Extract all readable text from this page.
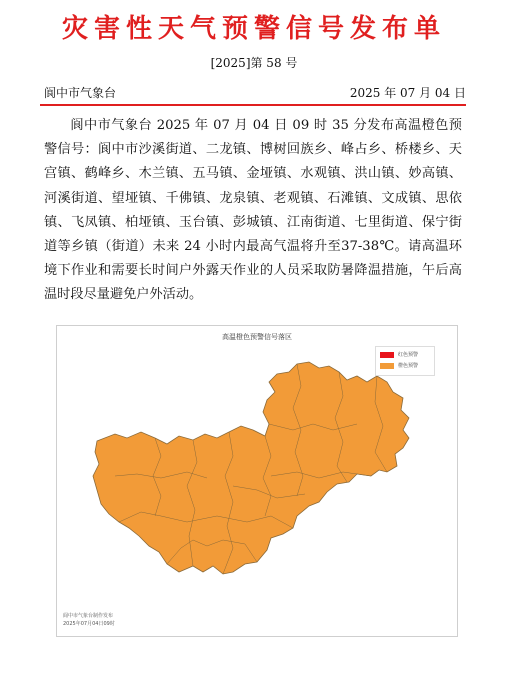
灾害性天气预警信号发布单
[2025]第 58 号
阆中市气象台	2025 年 07 月 04 日
阆中市气象台 2025 年 07 月 04 日 09 时 35 分发布高温橙色预警信号：阆中市沙溪街道、二龙镇、博树回族乡、峰占乡、桥楼乡、天宫镇、鹤峰乡、木兰镇、五马镇、金垭镇、水观镇、洪山镇、妙高镇、河溪街道、望垭镇、千佛镇、龙泉镇、老观镇、石滩镇、文成镇、思依镇、飞凤镇、柏垭镇、玉台镇、彭城镇、江南街道、七里街道、保宁街道等乡镇（街道）未来 24 小时内最高气温将升至37-38℃。请高温环境下作业和需要长时间户外露天作业的人员采取防暑降温措施，午后高温时段尽量避免户外活动。
高温橙色预警信号落区
红色预警
橙色预警
阆中市气象台制作发布
2025年07月04日09时
